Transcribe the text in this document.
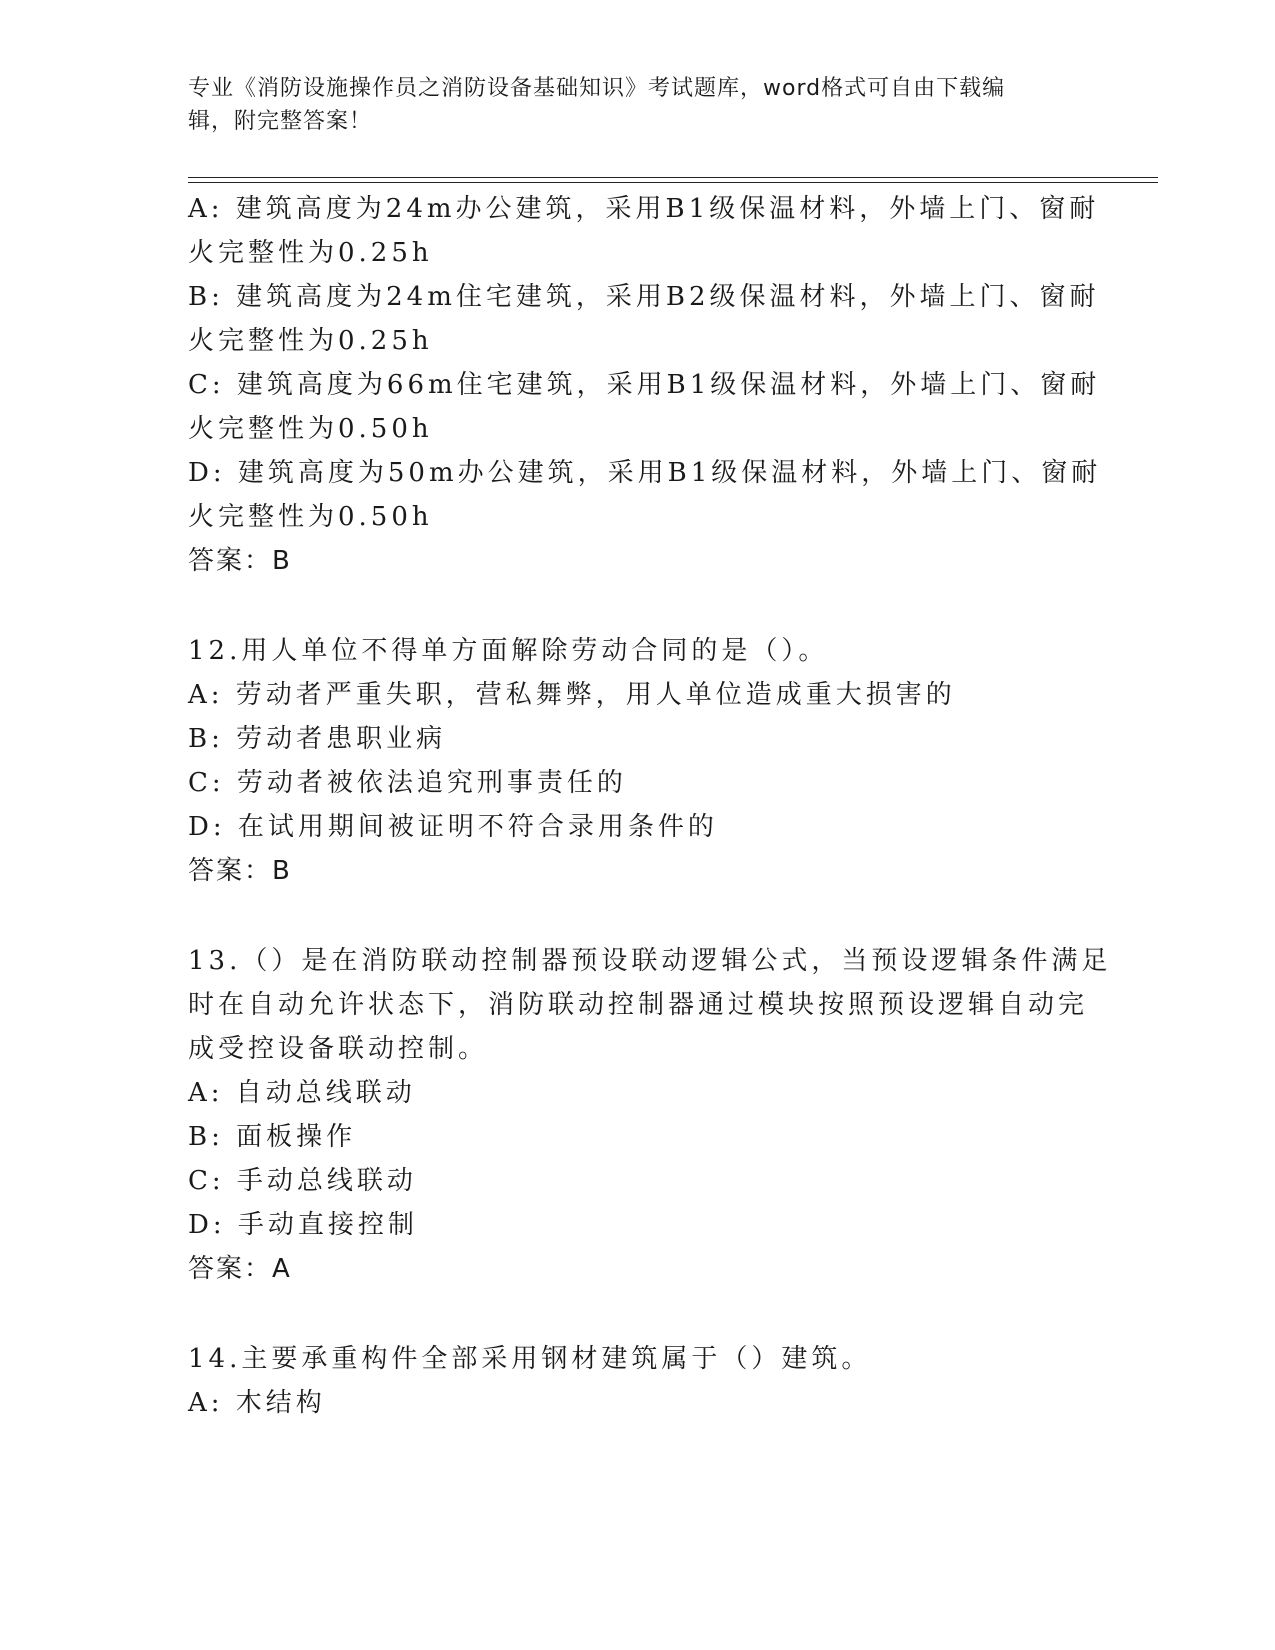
专业《消防设施操作员之消防设备基础知识》考试题库，word格式可自由下载编
辑，附完整答案！
A: 建筑高度为24m办公建筑，采用B1级保温材料，外墙上门、窗耐
火完整性为0.25h
B: 建筑高度为24m住宅建筑，采用B2级保温材料，外墙上门、窗耐
火完整性为0.25h
C: 建筑高度为66m住宅建筑，采用B1级保温材料，外墙上门、窗耐
火完整性为0.50h
D: 建筑高度为50m办公建筑，采用B1级保温材料，外墙上门、窗耐
火完整性为0.50h
答案：B
12.用人单位不得单方面解除劳动合同的是（）。
A: 劳动者严重失职，营私舞弊，用人单位造成重大损害的
B: 劳动者患职业病
C: 劳动者被依法追究刑事责任的
D: 在试用期间被证明不符合录用条件的
答案：B
13.（）是在消防联动控制器预设联动逻辑公式，当预设逻辑条件满足
时在自动允许状态下，消防联动控制器通过模块按照预设逻辑自动完
成受控设备联动控制。
A: 自动总线联动
B: 面板操作
C: 手动总线联动
D: 手动直接控制
答案：A
14.主要承重构件全部采用钢材建筑属于（）建筑。
A: 木结构
